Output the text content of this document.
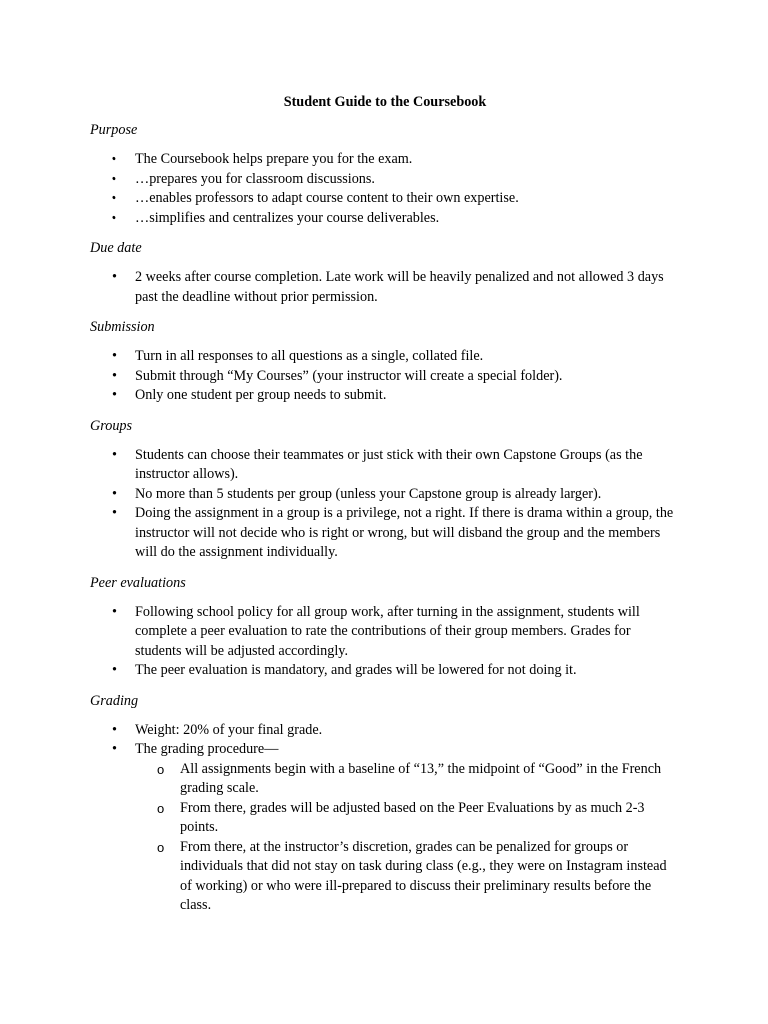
Student Guide to the Coursebook
Purpose
• The Coursebook helps prepare you for the exam.
• …prepares you for classroom discussions.
• …enables professors to adapt course content to their own expertise.
• …simplifies and centralizes your course deliverables.
Due date
• 2 weeks after course completion. Late work will be heavily penalized and not allowed 3 days past the deadline without prior permission.
Submission
• Turn in all responses to all questions as a single, collated file.
• Submit through “My Courses” (your instructor will create a special folder).
• Only one student per group needs to submit.
Groups
• Students can choose their teammates or just stick with their own Capstone Groups (as the instructor allows).
• No more than 5 students per group (unless your Capstone group is already larger).
• Doing the assignment in a group is a privilege, not a right. If there is drama within a group, the instructor will not decide who is right or wrong, but will disband the group and the members will do the assignment individually.
Peer evaluations
• Following school policy for all group work, after turning in the assignment, students will complete a peer evaluation to rate the contributions of their group members. Grades for students will be adjusted accordingly.
• The peer evaluation is mandatory, and grades will be lowered for not doing it.
Grading
• Weight: 20% of your final grade.
• The grading procedure—
o All assignments begin with a baseline of “13,” the midpoint of “Good” in the French grading scale.
o From there, grades will be adjusted based on the Peer Evaluations by as much 2-3 points.
o From there, at the instructor’s discretion, grades can be penalized for groups or individuals that did not stay on task during class (e.g., they were on Instagram instead of working) or who were ill-prepared to discuss their preliminary results before the class.
